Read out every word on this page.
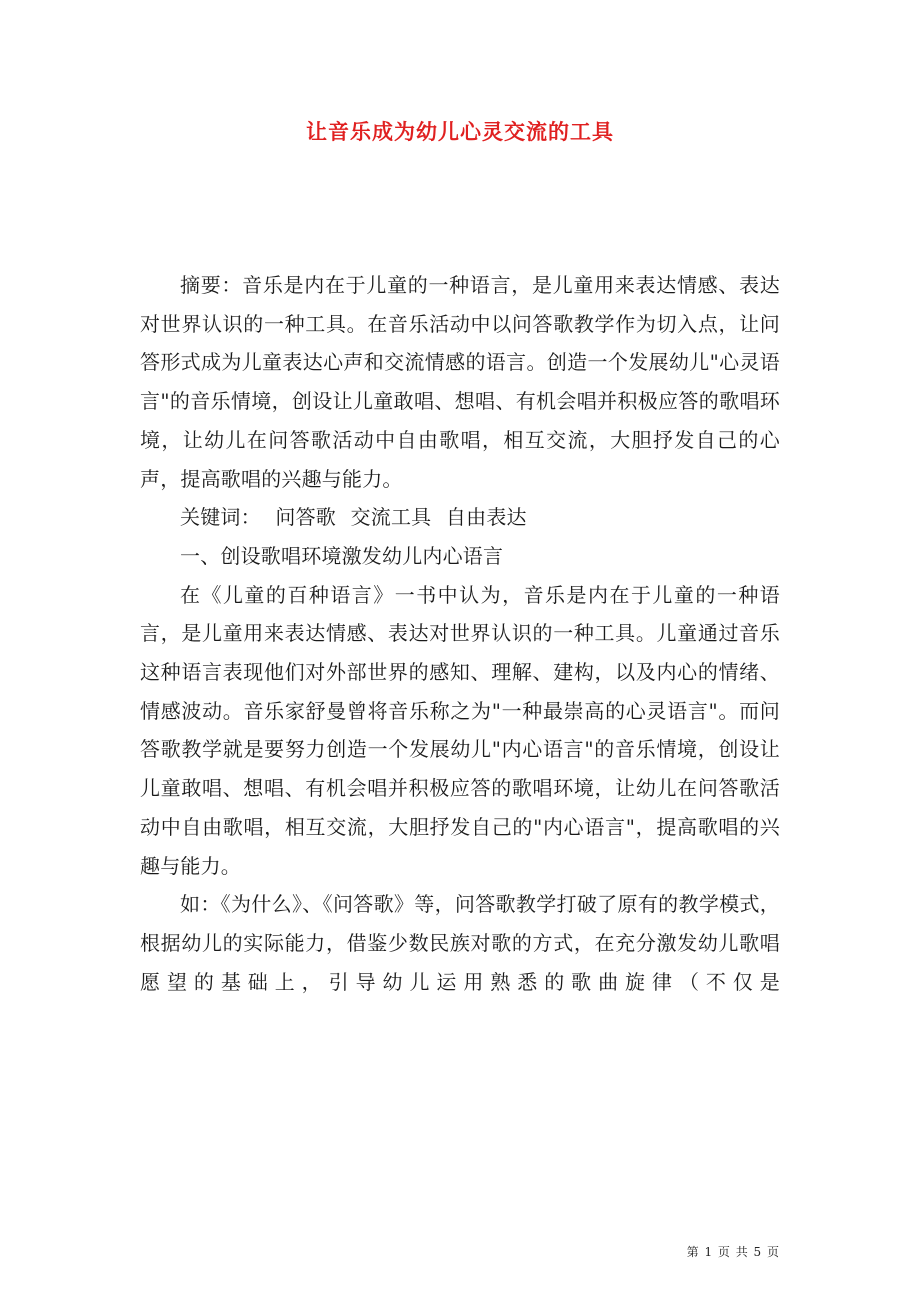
让音乐成为幼儿心灵交流的工具

摘要：音乐是内在于儿童的一种语言，是儿童用来表达情感、表达对世界认识的一种工具。在音乐活动中以问答歌教学作为切入点，让问答形式成为儿童表达心声和交流情感的语言。创造一个发展幼儿"心灵语言"的音乐情境，创设让儿童敢唱、想唱、有机会唱并积极应答的歌唱环境，让幼儿在问答歌活动中自由歌唱，相互交流，大胆抒发自己的心声，提高歌唱的兴趣与能力。

关键词： 问答歌 交流工具 自由表达

一、创设歌唱环境激发幼儿内心语言

在《儿童的百种语言》一书中认为，音乐是内在于儿童的一种语言，是儿童用来表达情感、表达对世界认识的一种工具。儿童通过音乐这种语言表现他们对外部世界的感知、理解、建构，以及内心的情绪、情感波动。音乐家舒曼曾将音乐称之为"一种最崇高的心灵语言"。而问答歌教学就是要努力创造一个发展幼儿"内心语言"的音乐情境，创设让儿童敢唱、想唱、有机会唱并积极应答的歌唱环境，让幼儿在问答歌活动中自由歌唱，相互交流，大胆抒发自己的"内心语言"，提高歌唱的兴趣与能力。

如：《为什么》、《问答歌》等，问答歌教学打破了原有的教学模式，根据幼儿的实际能力，借鉴少数民族对歌的方式，在充分激发幼儿歌唱愿望的基础上，引导幼儿运用熟悉的歌曲旋律（不仅是

第 1 页 共 5 页
